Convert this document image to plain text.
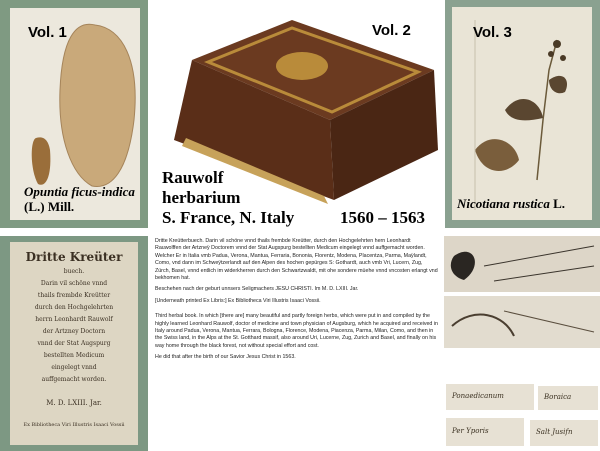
Vol. 1
Opuntia ficus-indica (L.) Mill.
Vol. 2
Rauwolf
herbarium
S. France, N. Italy	1560 – 1563
Vol. 3
Nicotiana rustica L.
Dritte Kreüter
buech.
Darin vil schöne vnnd
thails frembde Kreütter
durch den Hochgelehrten
herrn Leonhardt Rauwolf
der Artzney Doctorn
vnnd der Stat Augspurg
bestellten Medicum
eingelegt vnnd
auffgemacht worden.
M. D. LXIII. Jar.
Ex Bibliotheca Viri Illustris Isaaci Vossii

Dritte Kreütterbuech. Darin vil schöne vnnd thails frembde Kreütter, durch den Hochgelehrten hern Leonhardt Rauwolffen der Artzneÿ Doctorem vnnd der Stat Augspurg bestellten Medicum eingelegt vnnd auffgemacht worden. Welcher Er in Italia vmb Padua, Verona, Mantua, Ferraria, Bononia, Florentz, Modena, Placentza, Parma, Maÿlandt, Como, vnd dann im Schweÿtzerlandt auf den Alpen des hochen gepürges S: Gothardt, auch vmb Vri, Lucern, Zug, Zürch, Basel, vnnd entlich im widerkherren durch den Schwartzwaldt, mit ohe sondere müehe vnnd vncosten erlangt vnd bekhomen hat.

Beschehen nach der geburt unnsers Seligmachers JESU CHRISTI. Im M. D. LXIII. Jar.

[Underneath printed Ex Libris:] Ex Bibliotheca Viri Illustris Isaaci Vossii.

Third herbal book. In which [there are] many beautiful and partly foreign herbs, which were put in and compiled by the highly learned Leonhard Rauwolf, doctor of medicine and town physician of Augsburg, which he acquired and received in Italy around Padua, Verona, Mantua, Ferrara, Bologna, Florence, Modena, Piacenza, Parma, Milan, Como, and then in the Swiss land, in the Alps at the St. Gotthard massif, also around Uri, Lucerne, Zug, Zurich and Basel, and finally on his way home through the black forest, not without special effort and cost.

He did that after the birth of our Savior Jesus Christ in 1563.

Ponaedicanum	Boraica
Per Yporis	Salt Jusifn
